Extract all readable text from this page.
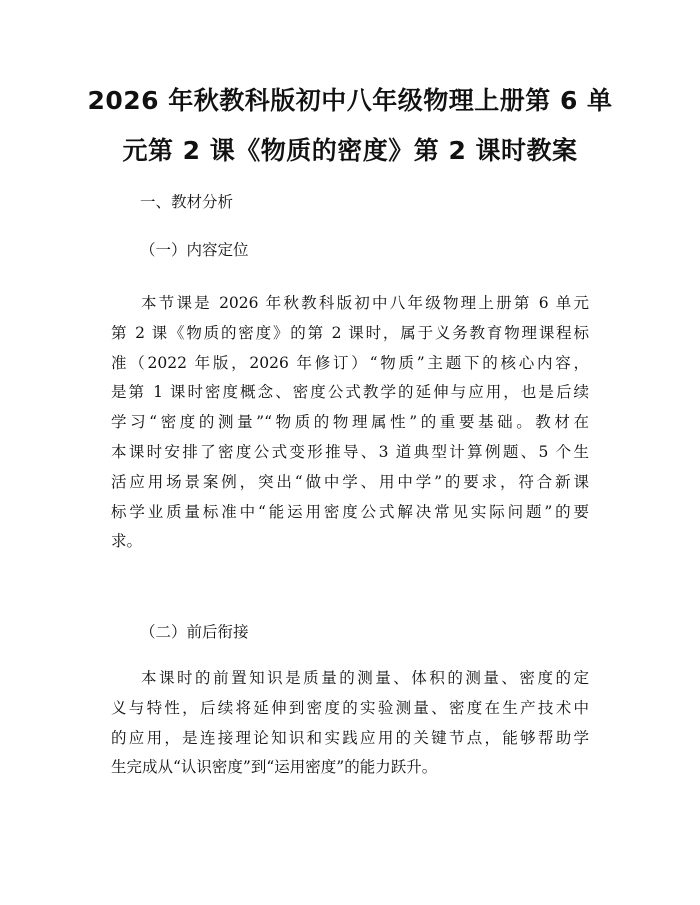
2026 年秋教科版初中八年级物理上册第 6 单
元第 2 课《物质的密度》第 2 课时教案

一、教材分析

（一）内容定位

本节课是 2026 年秋教科版初中八年级物理上册第 6 单元
第 2 课《物质的密度》的第 2 课时，属于义务教育物理课程标
准（2022 年版，2026 年修订）“物质”主题下的核心内容，
是第 1 课时密度概念、密度公式教学的延伸与应用，也是后续
学习“密度的测量”“物质的物理属性”的重要基础。教材在
本课时安排了密度公式变形推导、3 道典型计算例题、5 个生
活应用场景案例，突出“做中学、用中学”的要求，符合新课
标学业质量标准中“能运用密度公式解决常见实际问题”的要
求。

（二）前后衔接

本课时的前置知识是质量的测量、体积的测量、密度的定
义与特性，后续将延伸到密度的实验测量、密度在生产技术中
的应用，是连接理论知识和实践应用的关键节点，能够帮助学
生完成从“认识密度”到“运用密度”的能力跃升。
